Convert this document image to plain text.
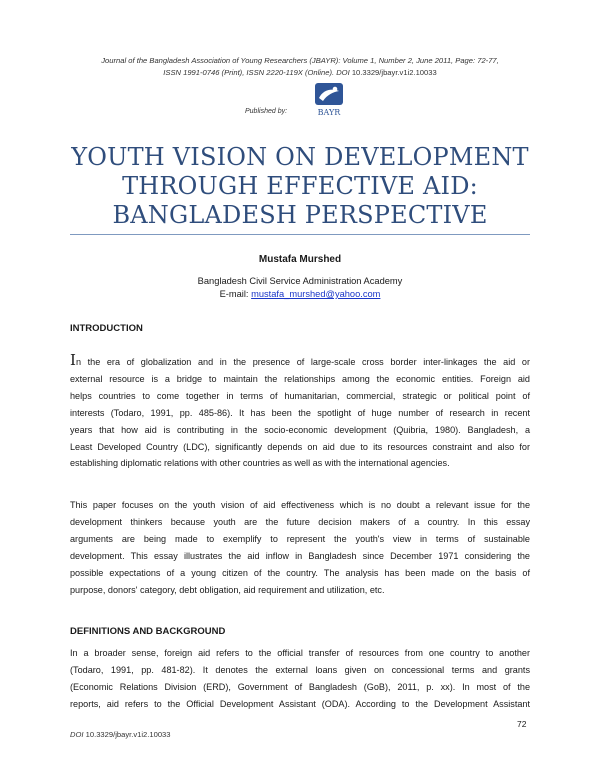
Journal of the Bangladesh Association of Young Researchers (JBAYR): Volume 1, Number 2, June 2011, Page: 72-77,
ISSN 1991-0746 (Print), ISSN 2220-119X (Online). DOI 10.3329/jbayr.v1i2.10033
Published by:	BAYR
YOUTH VISION ON DEVELOPMENT
THROUGH EFFECTIVE AID:
BANGLADESH PERSPECTIVE
Mustafa Murshed
Bangladesh Civil Service Administration Academy
E-mail: mustafa_murshed@yahoo.com
INTRODUCTION
In the era of globalization and in the presence of large-scale cross border inter-linkages the aid or
external resource is a bridge to maintain the relationships among the economic entities. Foreign aid
helps countries to come together in terms of humanitarian, commercial, strategic or political point of
interests (Todaro, 1991, pp. 485-86). It has been the spotlight of huge number of research in recent
years that how aid is contributing in the socio-economic development (Quibria, 1980). Bangladesh, a
Least Developed Country (LDC), significantly depends on aid due to its resources constraint and also for
establishing diplomatic relations with other countries as well as with the international agencies.
This paper focuses on the youth vision of aid effectiveness which is no doubt a relevant issue for the
development thinkers because youth are the future decision makers of a country. In this essay
arguments are being made to exemplify to represent the youth's view in terms of sustainable
development. This essay illustrates the aid inflow in Bangladesh since December 1971 considering the
possible expectations of a young citizen of the country. The analysis has been made on the basis of
purpose, donors' category, debt obligation, aid requirement and utilization, etc.
DEFINITIONS AND BACKGROUND
In a broader sense, foreign aid refers to the official transfer of resources from one country to another
(Todaro, 1991, pp. 481-82). It denotes the external loans given on concessional terms and grants
(Economic Relations Division (ERD), Government of Bangladesh (GoB), 2011, p. xx). In most of the
reports, aid refers to the Official Development Assistant (ODA). According to the Development Assistant
72
DOI 10.3329/jbayr.v1i2.10033
